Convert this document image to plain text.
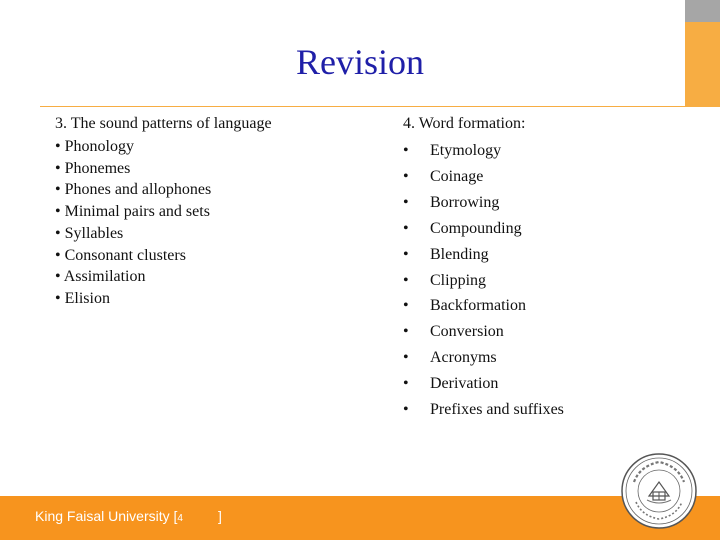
Revision
3. The sound patterns of language
• Phonology
• Phonemes
• Phones and allophones
• Minimal pairs and sets
• Syllables
• Consonant clusters
• Assimilation
• Elision
4. Word formation:
•	Etymology
•	Coinage
•	Borrowing
•	Compounding
•	Blending
•	Clipping
•	Backformation
•	Conversion
•	Acronyms
•	Derivation
•	Prefixes and suffixes
King Faisal University [4	]
